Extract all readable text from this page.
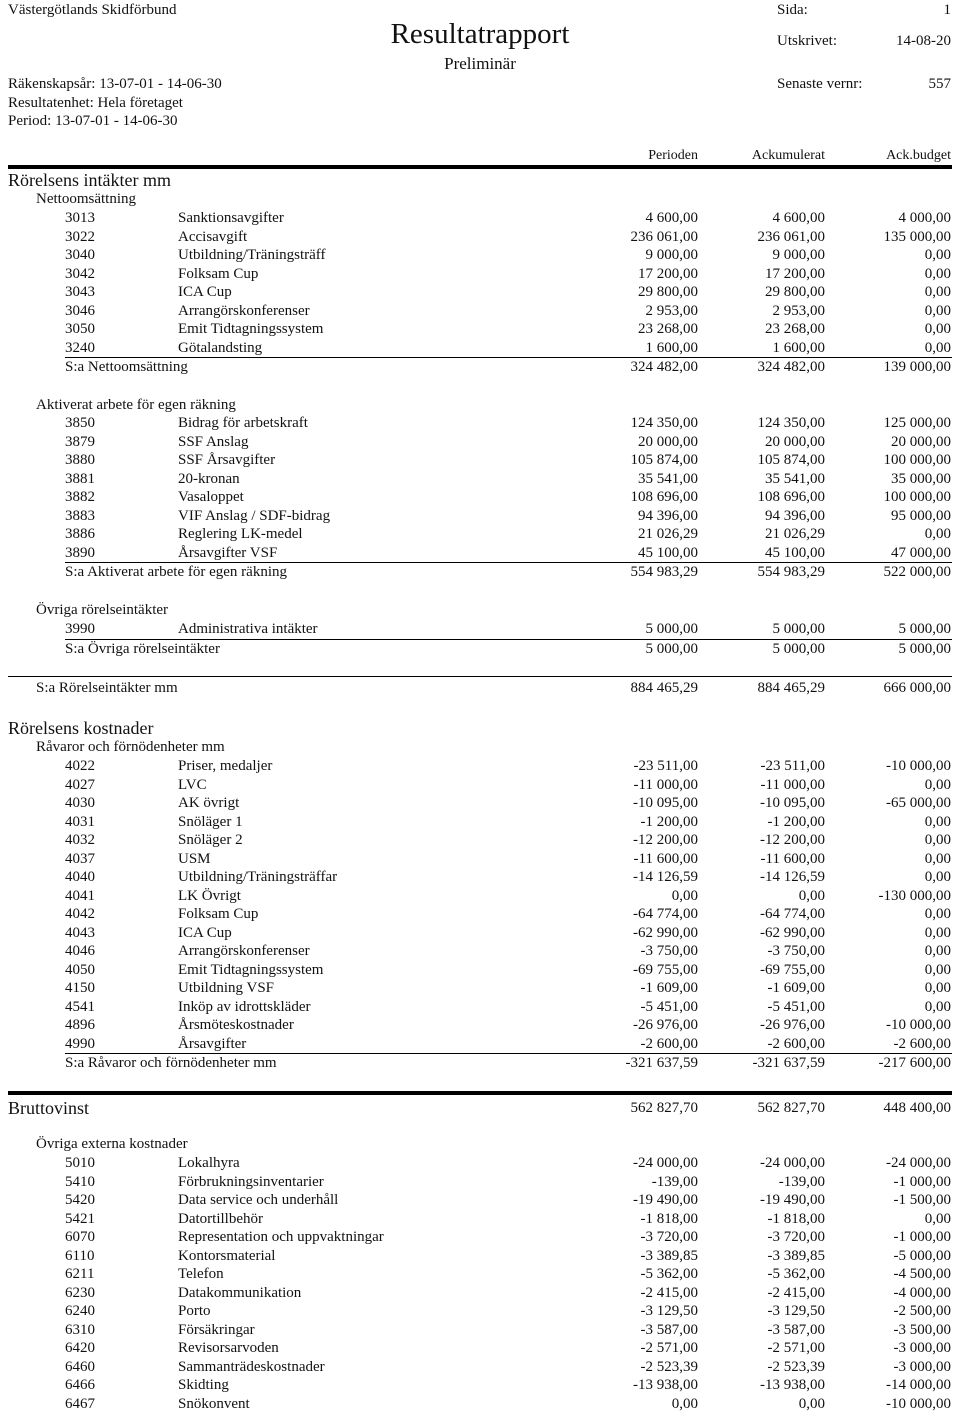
Västergötlands Skidförbund
Resultatrapport
Preliminär
Sida:	1
Utskrivet:	14-08-20
Senaste vernr:	557
Räkenskapsår: 13-07-01 - 14-06-30
Resultatenhet: Hela företaget
Period: 13-07-01 - 14-06-30
Perioden	Ackumulerat	Ack.budget
Rörelsens intäkter mm
Nettoomsättning
3013	Sanktionsavgifter	4 600,00	4 600,00	4 000,00
3022	Accisavgift	236 061,00	236 061,00	135 000,00
3040	Utbildning/Träningsträff	9 000,00	9 000,00	0,00
3042	Folksam Cup	17 200,00	17 200,00	0,00
3043	ICA Cup	29 800,00	29 800,00	0,00
3046	Arrangörskonferenser	2 953,00	2 953,00	0,00
3050	Emit Tidtagningssystem	23 268,00	23 268,00	0,00
3240	Götalandsting	1 600,00	1 600,00	0,00
S:a Nettoomsättning	324 482,00	324 482,00	139 000,00
Aktiverat arbete för egen räkning
3850	Bidrag för arbetskraft	124 350,00	124 350,00	125 000,00
3879	SSF Anslag	20 000,00	20 000,00	20 000,00
3880	SSF Årsavgifter	105 874,00	105 874,00	100 000,00
3881	20-kronan	35 541,00	35 541,00	35 000,00
3882	Vasaloppet	108 696,00	108 696,00	100 000,00
3883	VIF Anslag / SDF-bidrag	94 396,00	94 396,00	95 000,00
3886	Reglering LK-medel	21 026,29	21 026,29	0,00
3890	Årsavgifter VSF	45 100,00	45 100,00	47 000,00
S:a Aktiverat arbete för egen räkning	554 983,29	554 983,29	522 000,00
Övriga rörelseintäkter
3990	Administrativa intäkter	5 000,00	5 000,00	5 000,00
S:a Övriga rörelseintäkter	5 000,00	5 000,00	5 000,00
S:a Rörelseintäkter mm	884 465,29	884 465,29	666 000,00
Rörelsens kostnader
Råvaror och förnödenheter mm
4022	Priser, medaljer	-23 511,00	-23 511,00	-10 000,00
4027	LVC	-11 000,00	-11 000,00	0,00
4030	AK övrigt	-10 095,00	-10 095,00	-65 000,00
4031	Snöläger 1	-1 200,00	-1 200,00	0,00
4032	Snöläger 2	-12 200,00	-12 200,00	0,00
4037	USM	-11 600,00	-11 600,00	0,00
4040	Utbildning/Träningsträffar	-14 126,59	-14 126,59	0,00
4041	LK Övrigt	0,00	0,00	-130 000,00
4042	Folksam Cup	-64 774,00	-64 774,00	0,00
4043	ICA Cup	-62 990,00	-62 990,00	0,00
4046	Arrangörskonferenser	-3 750,00	-3 750,00	0,00
4050	Emit Tidtagningssystem	-69 755,00	-69 755,00	0,00
4150	Utbildning VSF	-1 609,00	-1 609,00	0,00
4541	Inköp av idrottskläder	-5 451,00	-5 451,00	0,00
4896	Årsmöteskostnader	-26 976,00	-26 976,00	-10 000,00
4990	Årsavgifter	-2 600,00	-2 600,00	-2 600,00
S:a Råvaror och förnödenheter mm	-321 637,59	-321 637,59	-217 600,00
Bruttovinst	562 827,70	562 827,70	448 400,00
Övriga externa kostnader
5010	Lokalhyra	-24 000,00	-24 000,00	-24 000,00
5410	Förbrukningsinventarier	-139,00	-139,00	-1 000,00
5420	Data service och underhåll	-19 490,00	-19 490,00	-1 500,00
5421	Datortillbehör	-1 818,00	-1 818,00	0,00
6070	Representation och uppvaktningar	-3 720,00	-3 720,00	-1 000,00
6110	Kontorsmaterial	-3 389,85	-3 389,85	-5 000,00
6211	Telefon	-5 362,00	-5 362,00	-4 500,00
6230	Datakommunikation	-2 415,00	-2 415,00	-4 000,00
6240	Porto	-3 129,50	-3 129,50	-2 500,00
6310	Försäkringar	-3 587,00	-3 587,00	-3 500,00
6420	Revisorsarvoden	-2 571,00	-2 571,00	-3 000,00
6460	Sammanträdeskostnader	-2 523,39	-2 523,39	-3 000,00
6466	Skidting	-13 938,00	-13 938,00	-14 000,00
6467	Snökonvent	0,00	0,00	-10 000,00
